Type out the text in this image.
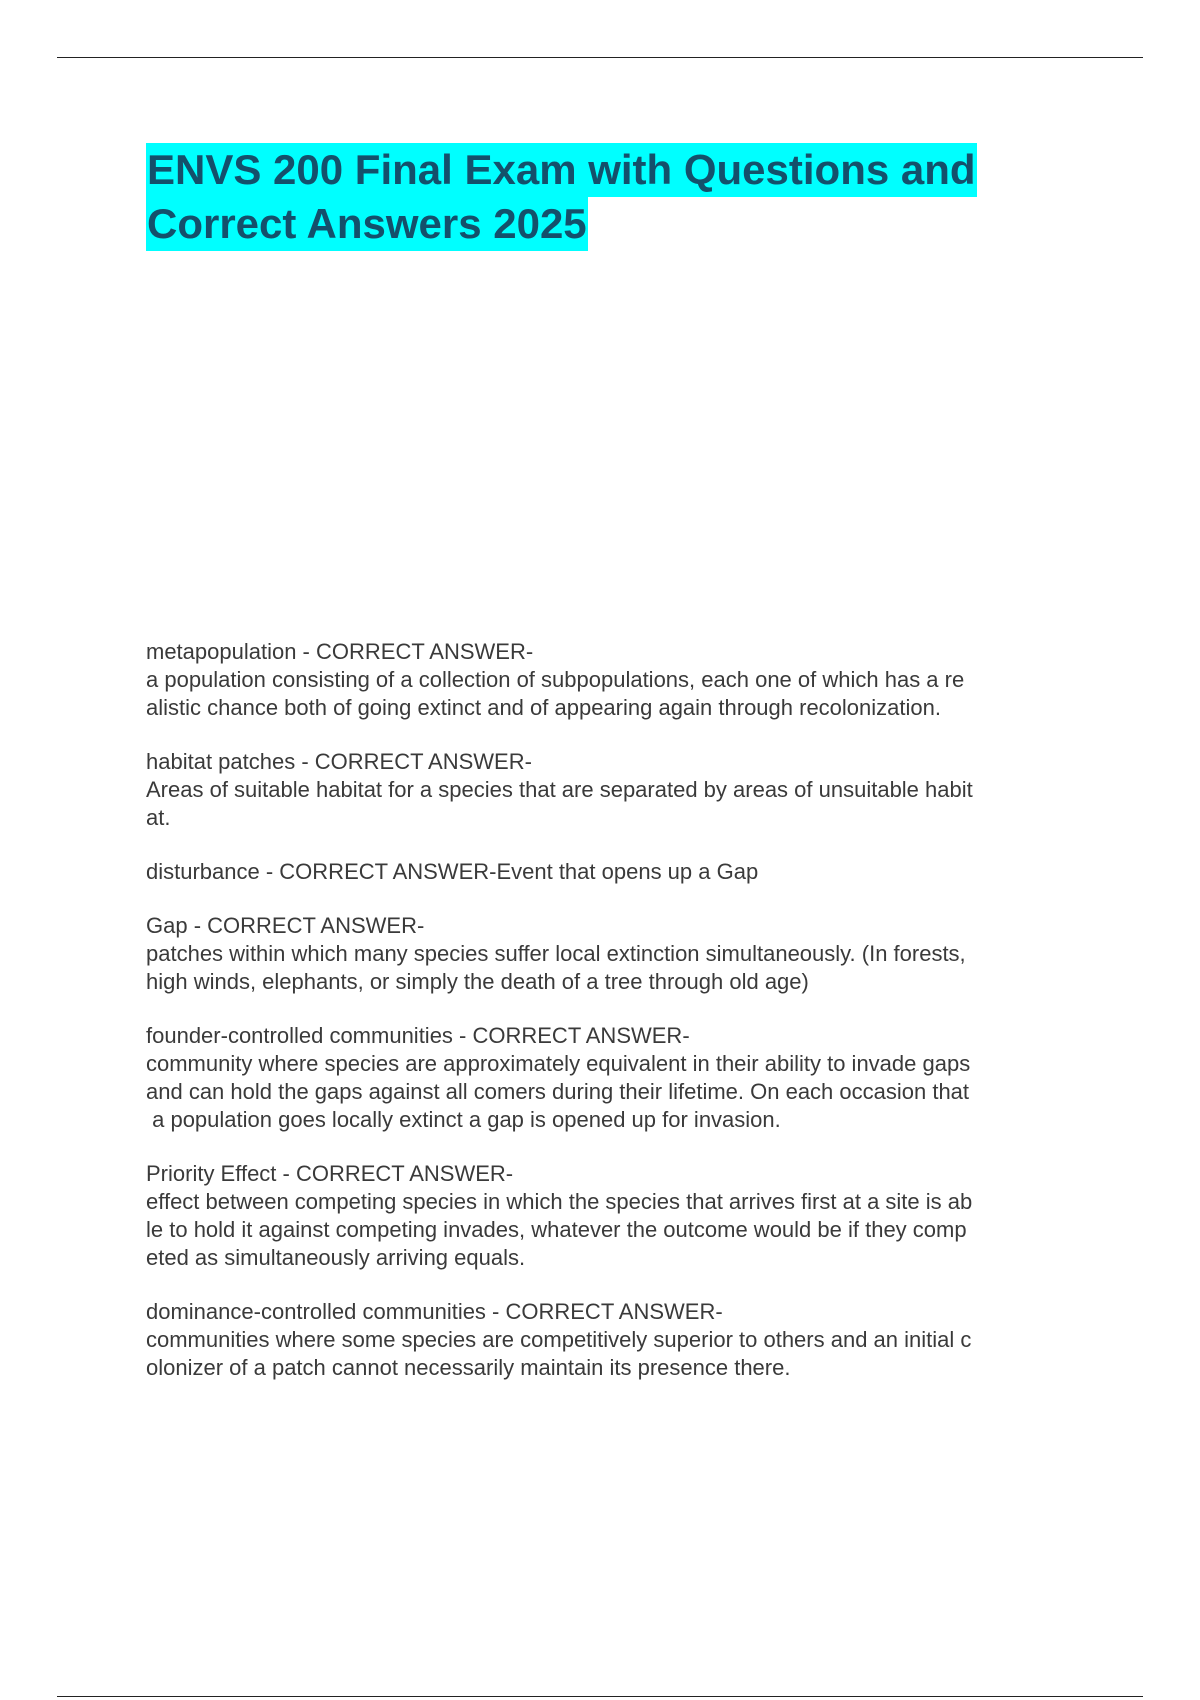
ENVS 200 Final Exam with Questions and
Correct Answers 2025
metapopulation - CORRECT ANSWER-
a population consisting of a collection of subpopulations, each one of which has a re
alistic chance both of going extinct and of appearing again through recolonization.
habitat patches - CORRECT ANSWER-
Areas of suitable habitat for a species that are separated by areas of unsuitable habit
at.
disturbance - CORRECT ANSWER-Event that opens up a Gap
Gap - CORRECT ANSWER-
patches within which many species suffer local extinction simultaneously. (In forests,
high winds, elephants, or simply the death of a tree through old age)
founder-controlled communities - CORRECT ANSWER-
community where species are approximately equivalent in their ability to invade gaps
and can hold the gaps against all comers during their lifetime. On each occasion that
a population goes locally extinct a gap is opened up for invasion.
Priority Effect - CORRECT ANSWER-
effect between competing species in which the species that arrives first at a site is ab
le to hold it against competing invades, whatever the outcome would be if they comp
eted as simultaneously arriving equals.
dominance-controlled communities - CORRECT ANSWER-
communities where some species are competitively superior to others and an initial c
olonizer of a patch cannot necessarily maintain its presence there.
